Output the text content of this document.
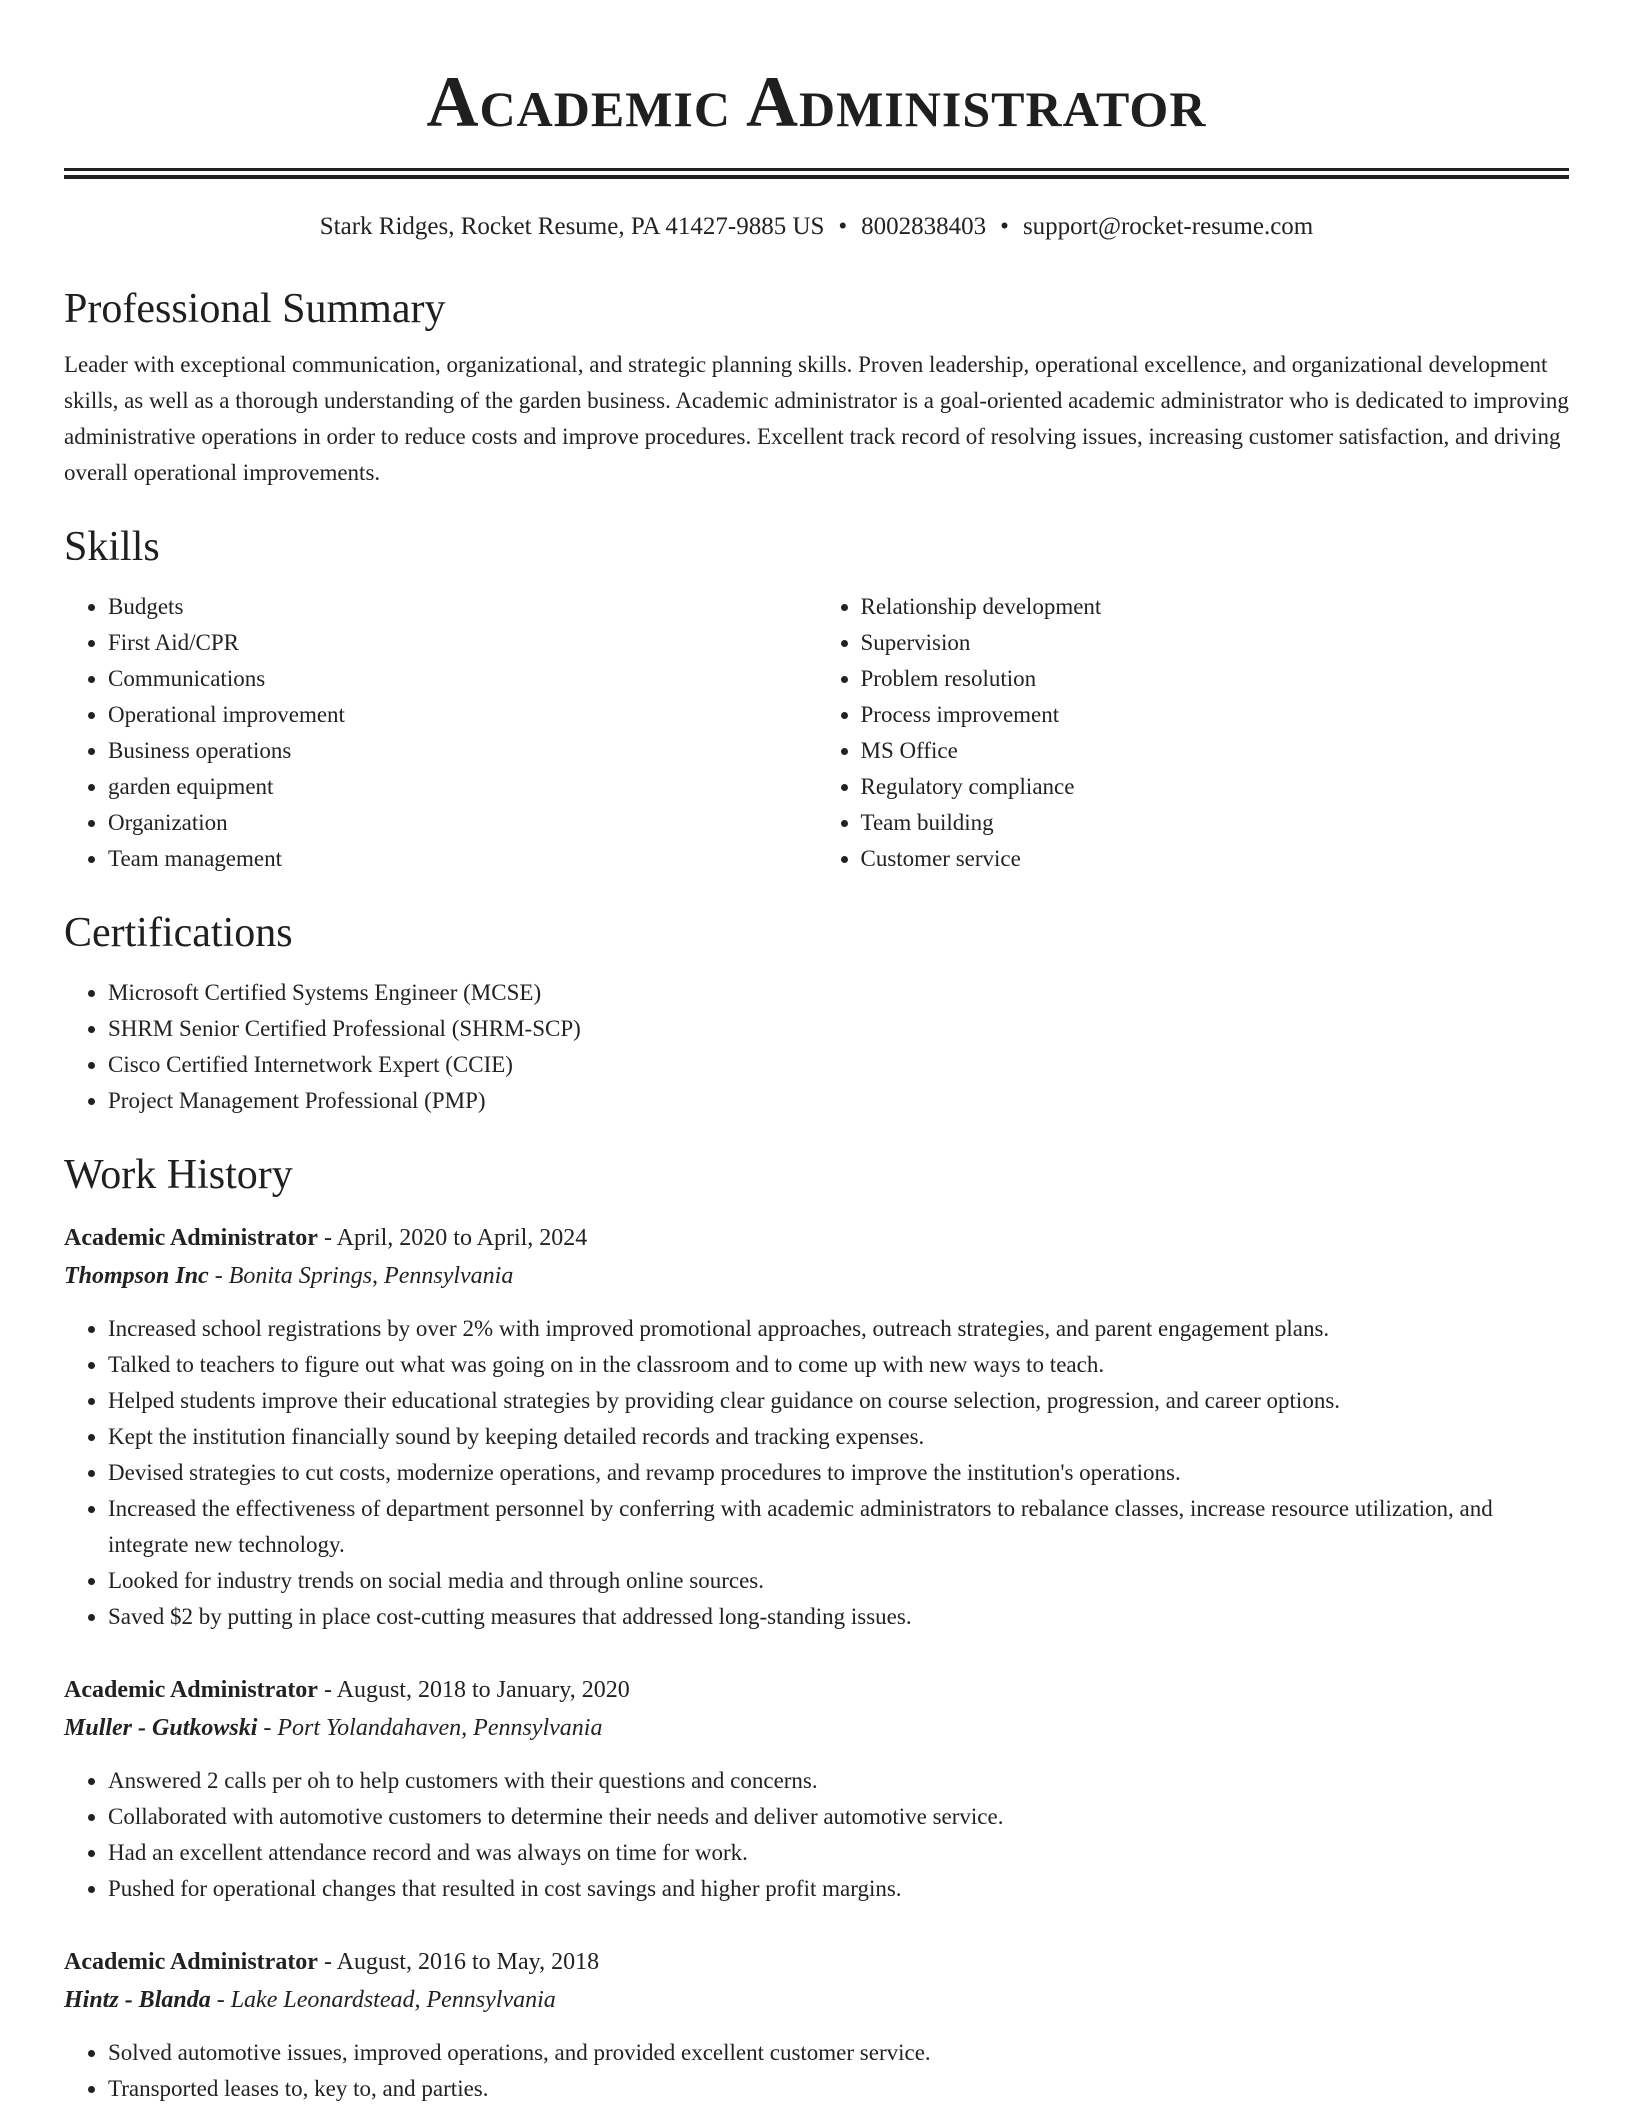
Academic Administrator
Stark Ridges, Rocket Resume, PA 41427-9885 US • 8002838403 • support@rocket-resume.com
Professional Summary

Leader with exceptional communication, organizational, and strategic planning skills. Proven leadership, operational excellence, and organizational development skills, as well as a thorough understanding of the garden business. Academic administrator is a goal-oriented academic administrator who is dedicated to improving administrative operations in order to reduce costs and improve procedures. Excellent track record of resolving issues, increasing customer satisfaction, and driving overall operational improvements.

Skills
• Budgets
• First Aid/CPR
• Communications
• Operational improvement
• Business operations
• garden equipment
• Organization
• Team management
• Relationship development
• Supervision
• Problem resolution
• Process improvement
• MS Office
• Regulatory compliance
• Team building
• Customer service
Certifications
• Microsoft Certified Systems Engineer (MCSE)
• SHRM Senior Certified Professional (SHRM-SCP)
• Cisco Certified Internetwork Expert (CCIE)
• Project Management Professional (PMP)
Work History
Academic Administrator - April, 2020 to April, 2024
Thompson Inc - Bonita Springs, Pennsylvania
• Increased school registrations by over 2% with improved promotional approaches, outreach strategies, and parent engagement plans.
• Talked to teachers to figure out what was going on in the classroom and to come up with new ways to teach.
• Helped students improve their educational strategies by providing clear guidance on course selection, progression, and career options.
• Kept the institution financially sound by keeping detailed records and tracking expenses.
• Devised strategies to cut costs, modernize operations, and revamp procedures to improve the institution's operations.
• Increased the effectiveness of department personnel by conferring with academic administrators to rebalance classes, increase resource utilization, and integrate new technology.
• Looked for industry trends on social media and through online sources.
• Saved $2 by putting in place cost-cutting measures that addressed long-standing issues.
Academic Administrator - August, 2018 to January, 2020
Muller - Gutkowski - Port Yolandahaven, Pennsylvania
• Answered 2 calls per oh to help customers with their questions and concerns.
• Collaborated with automotive customers to determine their needs and deliver automotive service.
• Had an excellent attendance record and was always on time for work.
• Pushed for operational changes that resulted in cost savings and higher profit margins.
Academic Administrator - August, 2016 to May, 2018
Hintz - Blanda - Lake Leonardstead, Pennsylvania
• Solved automotive issues, improved operations, and provided excellent customer service.
• Transported leases to, key to, and parties.
